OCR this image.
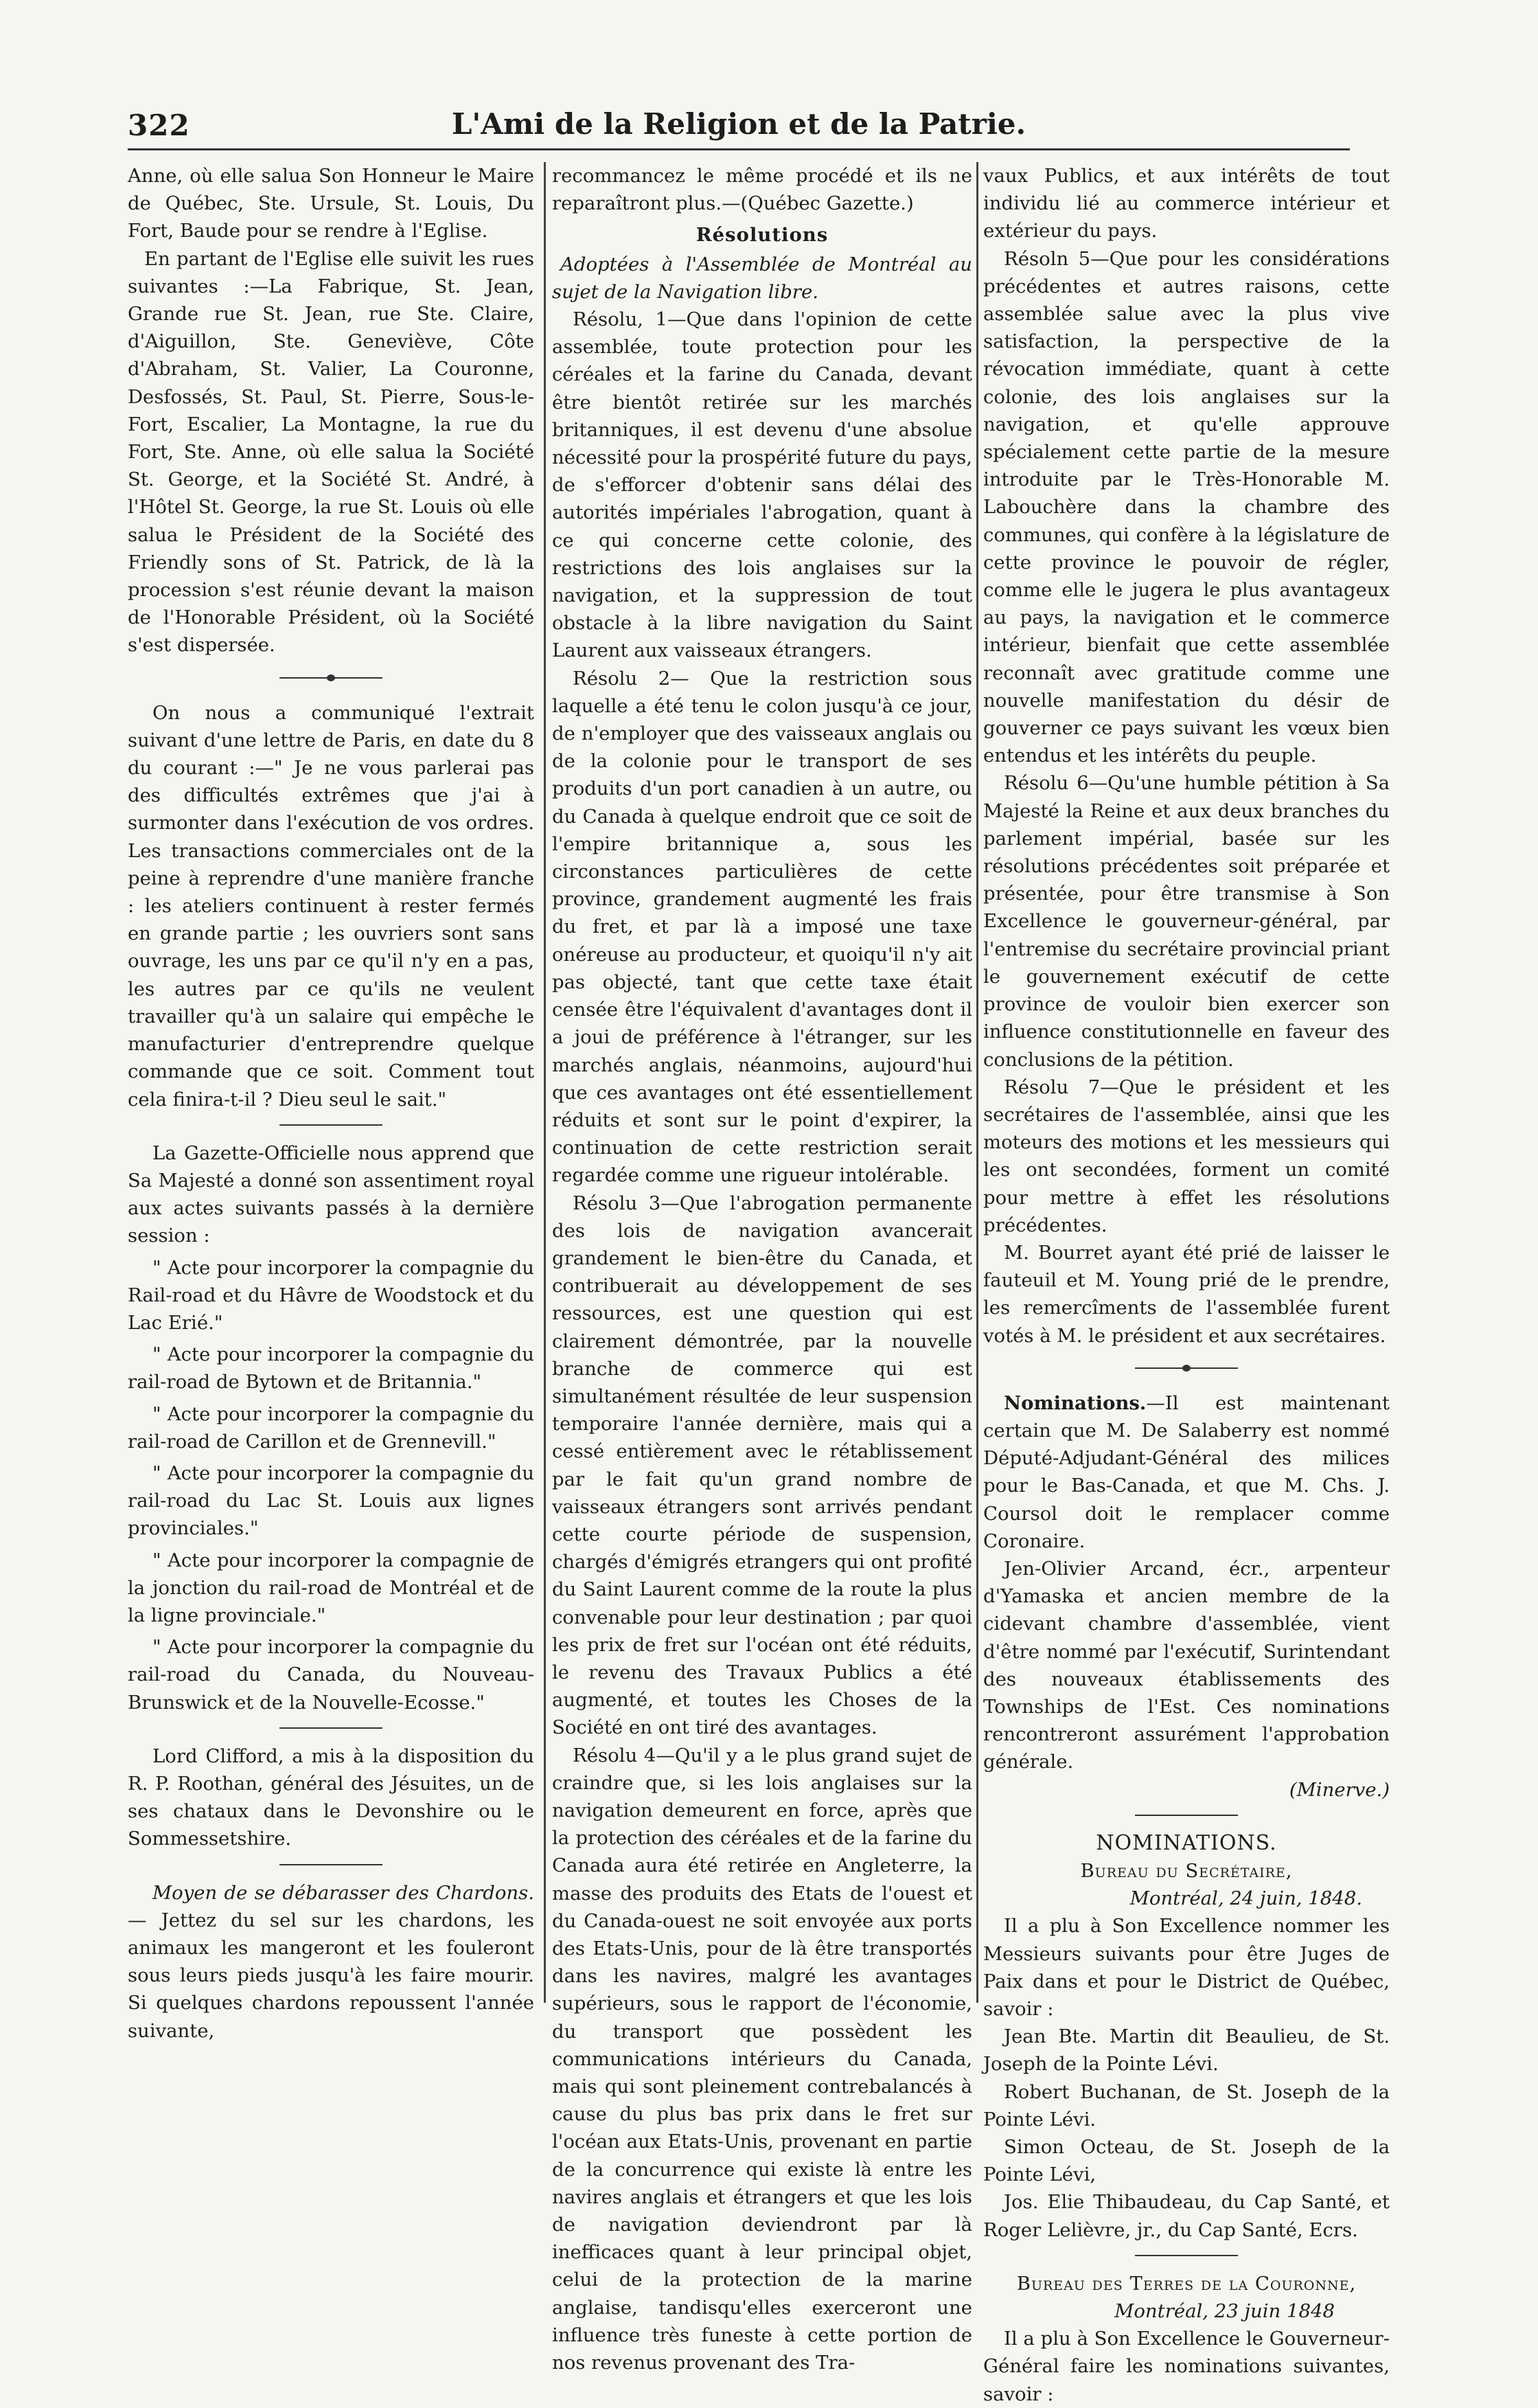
322	L'Ami de la Religion et de la Patrie.

Anne, où elle salua Son Honneur le Maire de Québec, Ste. Ursule, St. Louis, Du Fort, Baude pour se rendre à l'Eglise.

En partant de l'Eglise elle suivit les rues suivantes :—La Fabrique, St. Jean, Grande rue St. Jean, rue Ste. Claire, d'Aiguillon, Ste. Geneviève, Côte d'Abraham, St. Valier, La Couronne, Desfossés, St. Paul, St. Pierre, Sous-le-Fort, Escalier, La Montagne, la rue du Fort, Ste. Anne, où elle salua la Société St. George, et la Société St. André, à l'Hôtel St. George, la rue St. Louis où elle salua le Président de la Société des Friendly sons of St. Patrick, de là la procession s'est réunie devant la maison de l'Honorable Président, où la Société s'est dispersée.

On nous a communiqué l'extrait suivant d'une lettre de Paris, en date du 8 du courant :—" Je ne vous parlerai pas des difficultés extrêmes que j'ai à surmonter dans l'exécution de vos ordres. Les transactions commerciales ont de la peine à reprendre d'une manière franche : les ateliers continuent à rester fermés en grande partie ; les ouvriers sont sans ouvrage, les uns par ce qu'il n'y en a pas, les autres par ce qu'ils ne veulent travailler qu'à un salaire qui empêche le manufacturier d'entreprendre quelque commande que ce soit. Comment tout cela finira-t-il ? Dieu seul le sait."

La Gazette-Officielle nous apprend que Sa Majesté a donné son assentiment royal aux actes suivants passés à la dernière session :

" Acte pour incorporer la compagnie du Rail-road et du Hâvre de Woodstock et du Lac Erié."

" Acte pour incorporer la compagnie du rail-road de Bytown et de Britannia."

" Acte pour incorporer la compagnie du rail-road de Carillon et de Grennevill."

" Acte pour incorporer la compagnie du rail-road du Lac St. Louis aux lignes provinciales."

" Acte pour incorporer la compagnie de la jonction du rail-road de Montréal et de la ligne provinciale."

" Acte pour incorporer la compagnie du rail-road du Canada, du Nouveau-Brunswick et de la Nouvelle-Ecosse."

Lord Clifford, a mis à la disposition du R. P. Roothan, général des Jésuites, un de ses chataux dans le Devonshire ou le Sommessetshire.

Moyen de se débarasser des Chardons.— Jettez du sel sur les chardons, les animaux les mangeront et les fouleront sous leurs pieds jusqu'à les faire mourir. Si quelques chardons repoussent l'année suivante,

recommancez le même procédé et ils ne reparaîtront plus.—(Québec Gazette.)

Résolutions

Adoptées à l'Assemblée de Montréal au sujet de la Navigation libre.

Résolu, 1—Que dans l'opinion de cette assemblée, toute protection pour les céréales et la farine du Canada, devant être bientôt retirée sur les marchés britanniques, il est devenu d'une absolue nécessité pour la prospérité future du pays, de s'efforcer d'obtenir sans délai des autorités impériales l'abrogation, quant à ce qui concerne cette colonie, des restrictions des lois anglaises sur la navigation, et la suppression de tout obstacle à la libre navigation du Saint Laurent aux vaisseaux étrangers.

Résolu 2— Que la restriction sous laquelle a été tenu le colon jusqu'à ce jour, de n'employer que des vaisseaux anglais ou de la colonie pour le transport de ses produits d'un port canadien à un autre, ou du Canada à quelque endroit que ce soit de l'empire britannique a, sous les circonstances particulières de cette province, grandement augmenté les frais du fret, et par là a imposé une taxe onéreuse au producteur, et quoiqu'il n'y ait pas objecté, tant que cette taxe était censée être l'équivalent d'avantages dont il a joui de préférence à l'étranger, sur les marchés anglais, néanmoins, aujourd'hui que ces avantages ont été essentiellement réduits et sont sur le point d'expirer, la continuation de cette restriction serait regardée comme une rigueur intolérable.

Résolu 3—Que l'abrogation permanente des lois de navigation avancerait grandement le bien-être du Canada, et contribuerait au développement de ses ressources, est une question qui est clairement démontrée, par la nouvelle branche de commerce qui est simultanément résultée de leur suspension temporaire l'année dernière, mais qui a cessé entièrement avec le rétablissement par le fait qu'un grand nombre de vaisseaux étrangers sont arrivés pendant cette courte période de suspension, chargés d'émigrés etrangers qui ont profité du Saint Laurent comme de la route la plus convenable pour leur destination ; par quoi les prix de fret sur l'océan ont été réduits, le revenu des Travaux Publics a été augmenté, et toutes les Choses de la Société en ont tiré des avantages.

Résolu 4—Qu'il y a le plus grand sujet de craindre que, si les lois anglaises sur la navigation demeurent en force, après que la protection des céréales et de la farine du Canada aura été retirée en Angleterre, la masse des produits des Etats de l'ouest et du Canada-ouest ne soit envoyée aux ports des Etats-Unis, pour de là être transportés dans les navires, malgré les avantages supérieurs, sous le rapport de l'économie, du transport que possèdent les communications intérieurs du Canada, mais qui sont pleinement contrebalancés à cause du plus bas prix dans le fret sur l'océan aux Etats-Unis, provenant en partie de la concurrence qui existe là entre les navires anglais et étrangers et que les lois de navigation deviendront par là inefficaces quant à leur principal objet, celui de la protection de la marine anglaise, tandisqu'elles exerceront une influence très funeste à cette portion de nos revenus provenant des Tra-

vaux Publics, et aux intérêts de tout individu lié au commerce intérieur et extérieur du pays.

Résoln 5—Que pour les considérations précédentes et autres raisons, cette assemblée salue avec la plus vive satisfaction, la perspective de la révocation immédiate, quant à cette colonie, des lois anglaises sur la navigation, et qu'elle approuve spécialement cette partie de la mesure introduite par le Très-Honorable M. Labouchère dans la chambre des communes, qui confère à la législature de cette province le pouvoir de régler, comme elle le jugera le plus avantageux au pays, la navigation et le commerce intérieur, bienfait que cette assemblée reconnaît avec gratitude comme une nouvelle manifestation du désir de gouverner ce pays suivant les vœux bien entendus et les intérêts du peuple.

Résolu 6—Qu'une humble pétition à Sa Majesté la Reine et aux deux branches du parlement impérial, basée sur les résolutions précédentes soit préparée et présentée, pour être transmise à Son Excellence le gouverneur-général, par l'entremise du secrétaire provincial priant le gouvernement exécutif de cette province de vouloir bien exercer son influence constitutionnelle en faveur des conclusions de la pétition.

Résolu 7—Que le président et les secrétaires de l'assemblée, ainsi que les moteurs des motions et les messieurs qui les ont secondées, forment un comité pour mettre à effet les résolutions précédentes.

M. Bourret ayant été prié de laisser le fauteuil et M. Young prié de le prendre, les remercîments de l'assemblée furent votés à M. le président et aux secrétaires.

Nominations.—Il est maintenant certain que M. De Salaberry est nommé Député-Adjudant-Général des milices pour le Bas-Canada, et que M. Chs. J. Coursol doit le remplacer comme Coronaire.

Jen-Olivier Arcand, écr., arpenteur d'Yamaska et ancien membre de la cidevant chambre d'assemblée, vient d'être nommé par l'exécutif, Surintendant des nouveaux établissements des Townships de l'Est. Ces nominations rencontreront assurément l'approbation générale.

(Minerve.)

NOMINATIONS.

Bureau du Secrétaire,

Montréal, 24 juin, 1848.

Il a plu à Son Excellence nommer les Messieurs suivants pour être Juges de Paix dans et pour le District de Québec, savoir :

Jean Bte. Martin dit Beaulieu, de St. Joseph de la Pointe Lévi.

Robert Buchanan, de St. Joseph de la Pointe Lévi.

Simon Octeau, de St. Joseph de la Pointe Lévi,

Jos. Elie Thibaudeau, du Cap Santé, et Roger Lelièvre, jr., du Cap Santé, Ecrs.

Bureau des Terres de la Couronne,

Montréal, 23 juin 1848

Il a plu à Son Excellence le Gouverneur-Général faire les nominations suivantes, savoir :
